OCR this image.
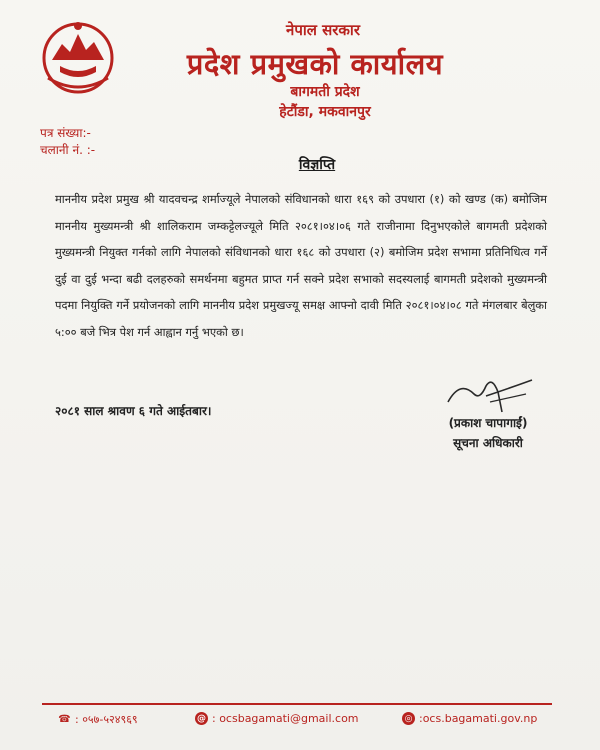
नेपाल सरकार
प्रदेश प्रमुखको कार्यालय
बागमती प्रदेश
हेटौंडा, मकवानपुर
पत्र संख्या:-
चलानी नं. :-
विज्ञप्ति
माननीय प्रदेश प्रमुख श्री यादवचन्द्र शर्माज्यूले नेपालको संविधानको धारा १६९ को उपधारा (१) को खण्ड (क) बमोजिम माननीय मुख्यमन्त्री श्री शालिकराम जम्कट्टेलज्यूले मिति २०८१।०४।०६ गते राजीनामा दिनुभएकोले बागमती प्रदेशको मुख्यमन्त्री नियुक्त गर्नको लागि नेपालको संविधानको धारा १६८ को उपधारा (२) बमोजिम प्रदेश सभामा प्रतिनिधित्व गर्ने दुई वा दुई भन्दा बढी दलहरुको समर्थनमा बहुमत प्राप्त गर्न सक्ने प्रदेश सभाको सदस्यलाई बागमती प्रदेशको मुख्यमन्त्री पदमा नियुक्ति गर्ने प्रयोजनको लागि माननीय प्रदेश प्रमुखज्यू समक्ष आफ्नो दावी मिति २०८१।०४।०८ गते मंगलबार बेलुका ५:०० बजे भित्र पेश गर्न आह्वान गर्नु भएको छ।
२०८१ साल श्रावण ६ गते आईतबार।
(प्रकाश चापागाईं)
सूचना अधिकारी
☎ : ०५७-५२४९६९	@ : ocsbagamati@gmail.com	◎ :ocs.bagamati.gov.np
